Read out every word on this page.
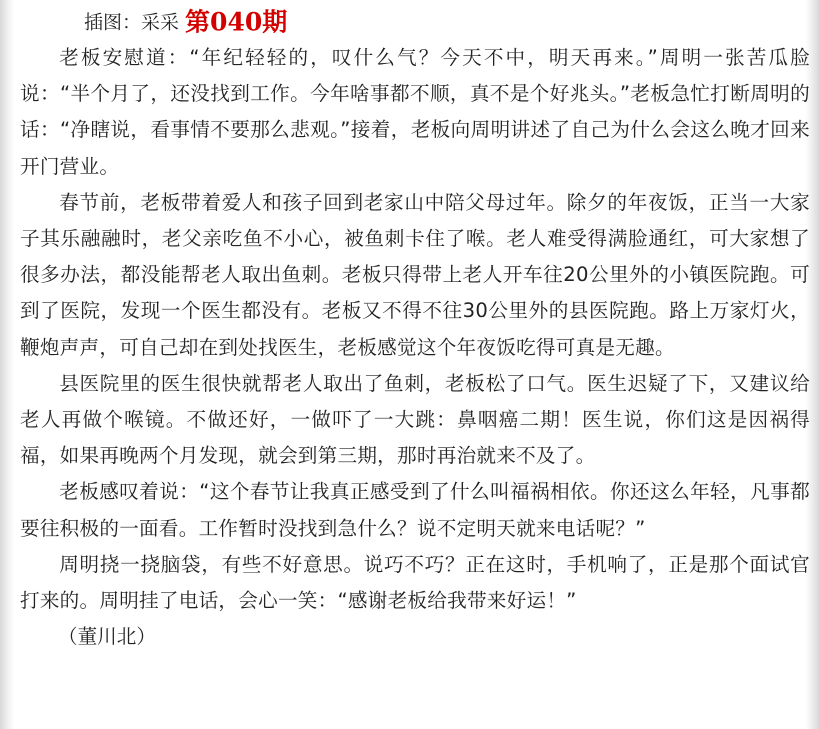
插图：采采 第040期

老板安慰道：“年纪轻轻的，叹什么气？今天不中，明天再来。”周明一张苦瓜脸说：“半个月了，还没找到工作。今年啥事都不顺，真不是个好兆头。”老板急忙打断周明的话：“净瞎说，看事情不要那么悲观。”接着，老板向周明讲述了自己为什么会这么晚才回来开门营业。

春节前，老板带着爱人和孩子回到老家山中陪父母过年。除夕的年夜饭，正当一大家子其乐融融时，老父亲吃鱼不小心，被鱼刺卡住了喉。老人难受得满脸通红，可大家想了很多办法，都没能帮老人取出鱼刺。老板只得带上老人开车往20公里外的小镇医院跑。可到了医院，发现一个医生都没有。老板又不得不往30公里外的县医院跑。路上万家灯火，鞭炮声声，可自己却在到处找医生，老板感觉这个年夜饭吃得可真是无趣。

县医院里的医生很快就帮老人取出了鱼刺，老板松了口气。医生迟疑了下，又建议给老人再做个喉镜。不做还好，一做吓了一大跳：鼻咽癌二期！医生说，你们这是因祸得福，如果再晚两个月发现，就会到第三期，那时再治就来不及了。

老板感叹着说：“这个春节让我真正感受到了什么叫福祸相依。你还这么年轻，凡事都要往积极的一面看。工作暂时没找到急什么？说不定明天就来电话呢？”

周明挠一挠脑袋，有些不好意思。说巧不巧？正在这时，手机响了，正是那个面试官打来的。周明挂了电话，会心一笑：“感谢老板给我带来好运！”

（董川北）
